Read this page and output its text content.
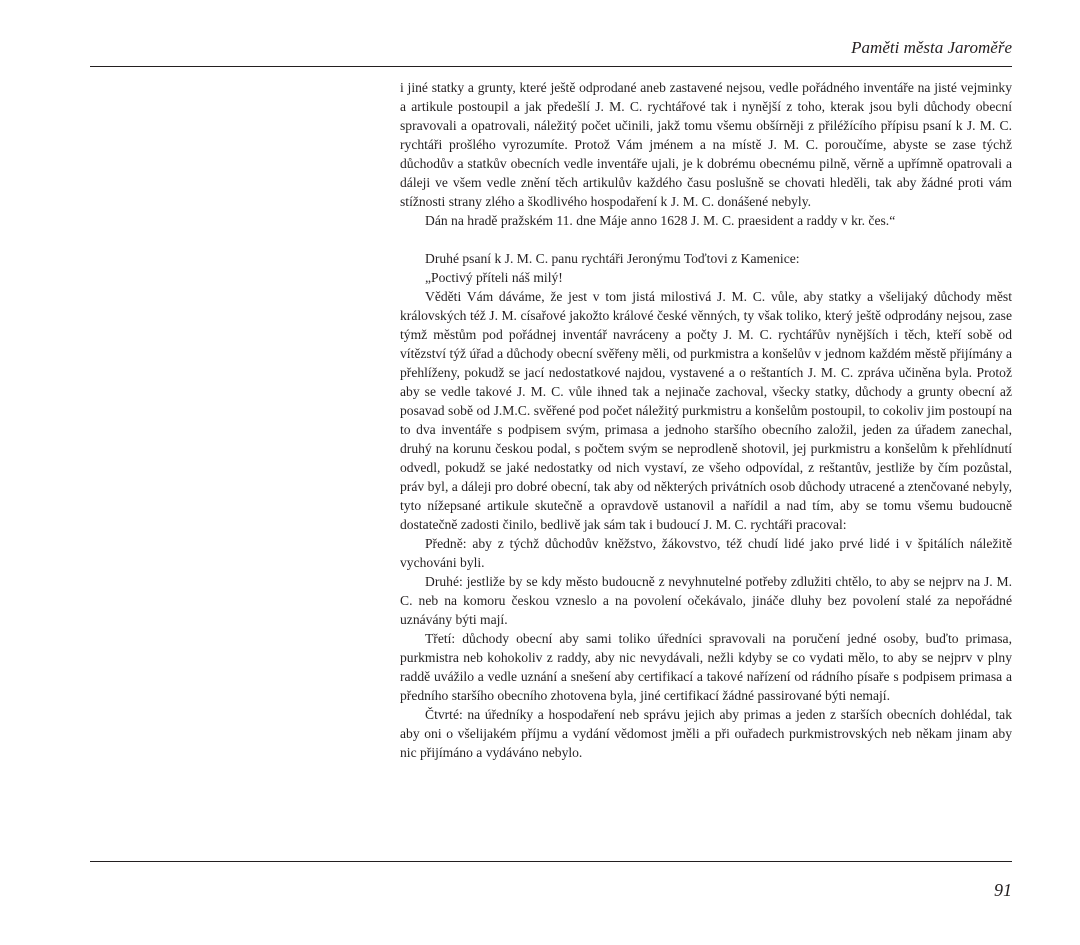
Paměti města Jaroměře

i jiné statky a grunty, které ještě odprodané aneb zastavené nejsou, vedle pořádného inventáře na jisté vejminky a artikule postoupil a jak předešlí J. M. C. rychtářové tak i nynější z toho, kterak jsou byli důchody obecní spravovali a opatrovali, náležitý počet učinili, jakž tomu všemu obšírněji z přiléžícího přípisu psaní k J. M. C. rychtáři prošlého vyrozumíte. Protož Vám jménem a na místě J. M. C. poroučíme, abyste se zase týchž důchodův a statkův obecních vedle inventáře ujali, je k dobrému obecnému pilně, věrně a upřímně opatrovali a dáleji ve všem vedle znění těch artikulův každého času poslušně se chovati hleděli, tak aby žádné proti vám stížnosti strany zlého a škodlivého hospodaření k J. M. C. donášené nebyly.

Dán na hradě pražském 11. dne Máje anno 1628 J. M. C. praesident a raddy v kr. čes.“

Druhé psaní k J. M. C. panu rychtáři Jeronýmu Toďtovi z Kamenice:

„Poctivý příteli náš milý!

Věděti Vám dáváme, že jest v tom jistá milostivá J. M. C. vůle, aby statky a všelijaký důchody měst královských též J. M. císařové jakožto králové české věnných, ty však toliko, který ještě odprodány nejsou, zase týmž městům pod pořádnej inventář navráceny a počty J. M. C. rychtářův nynějších i těch, kteří sobě od vítězství týž úřad a důchody obecní svěřeny měli, od purkmistra a konšelův v jednom každém městě přijímány a přehlíženy, pokudž se jací nedostatkové najdou, vystavené a o reštantích J. M. C. zpráva učiněna byla. Protož aby se vedle takové J. M. C. vůle ihned tak a nejinače zachoval, všecky statky, důchody a grunty obecní až posavad sobě od J.M.C. svěřené pod počet náležitý purkmistru a konšelům postoupil, to cokoliv jim postoupí na to dva inventáře s podpisem svým, primasa a jednoho staršího obecního založil, jeden za úřadem zanechal, druhý na korunu českou podal, s počtem svým se neprodleně shotovil, jej purkmistru a konšelům k přehlídnutí odvedl, pokudž se jaké nedostatky od nich vystaví, ze všeho odpovídal, z reštantův, jestliže by čím pozůstal, práv byl, a dáleji pro dobré obecní, tak aby od některých privátních osob důchody utracené a ztenčované nebyly, tyto nížepsané artikule skutečně a opravdově ustanovil a nařídil a nad tím, aby se tomu všemu budoucně dostatečně zadosti činilo, bedlivě jak sám tak i budoucí J. M. C. rychtáři pracoval:

Předně: aby z týchž důchodův kněžstvo, žákovstvo, též chudí lidé jako prvé lidé i v špitálích náležitě vychováni byli.

Druhé: jestliže by se kdy město budoucně z nevyhnutelné potřeby zdlužiti chtělo, to aby se nejprv na J. M. C. neb na komoru českou vzneslo a na povolení očekávalo, jináče dluhy bez povolení stalé za nepořádné uznávány býti mají.

Třetí: důchody obecní aby sami toliko úředníci spravovali na poručení jedné osoby, buďto primasa, purkmistra neb kohokoliv z raddy, aby nic nevydávali, nežli kdyby se co vydati mělo, to aby se nejprv v plny raddě uvážilo a vedle uznání a snešení aby certifikací a takové nařízení od rádního písaře s podpisem primasa a předního staršího obecního zhotovena byla, jiné certifikací žádné passirované býti nemají.

Čtvrté: na úředníky a hospodaření neb správu jejich aby primas a jeden z starších obecních dohlédal, tak aby oni o všelijakém příjmu a vydání vědomost jměli a při ouřadech purkmistrovských neb někam jinam aby nic přijímáno a vydáváno nebylo.

91
